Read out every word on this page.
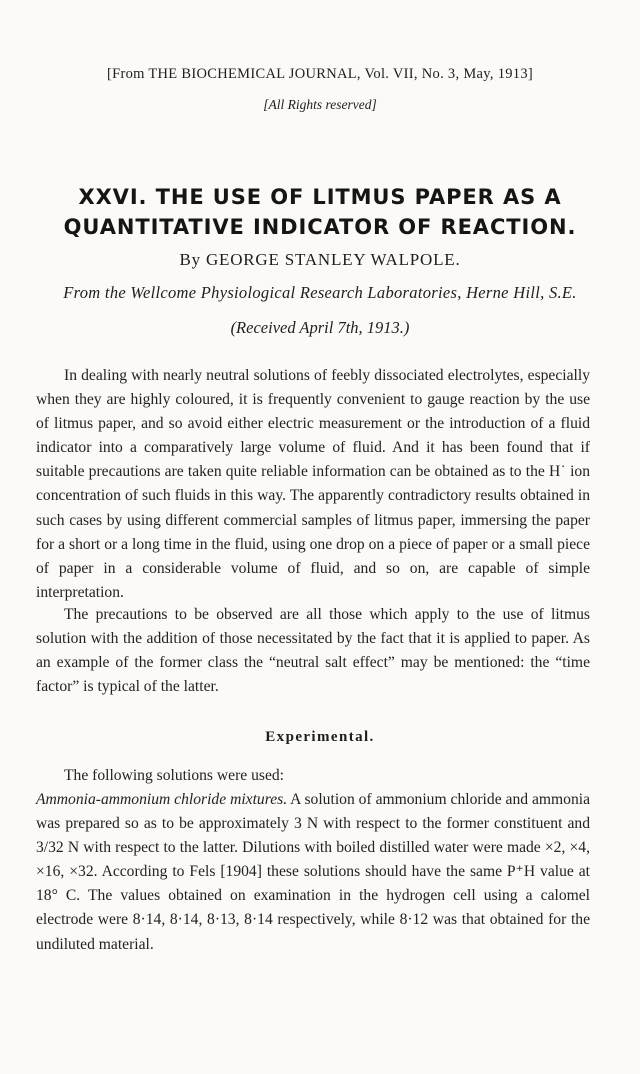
[From THE BIOCHEMICAL JOURNAL, Vol. VII, No. 3, May, 1913]

[All Rights reserved]

XXVI. THE USE OF LITMUS PAPER AS A QUANTITATIVE INDICATOR OF REACTION.

By GEORGE STANLEY WALPOLE.

From the Wellcome Physiological Research Laboratories, Herne Hill, S.E.

(Received April 7th, 1913.)

In dealing with nearly neutral solutions of feebly dissociated electrolytes, especially when they are highly coloured, it is frequently convenient to gauge reaction by the use of litmus paper, and so avoid either electric measurement or the introduction of a fluid indicator into a comparatively large volume of fluid. And it has been found that if suitable precautions are taken quite reliable information can be obtained as to the H˙ ion concentration of such fluids in this way. The apparently contradictory results obtained in such cases by using different commercial samples of litmus paper, immersing the paper for a short or a long time in the fluid, using one drop on a piece of paper or a small piece of paper in a considerable volume of fluid, and so on, are capable of simple interpretation.

The precautions to be observed are all those which apply to the use of litmus solution with the addition of those necessitated by the fact that it is applied to paper. As an example of the former class the “neutral salt effect” may be mentioned: the “time factor” is typical of the latter.

Experimental.

The following solutions were used:

Ammonia-ammonium chloride mixtures. A solution of ammonium chloride and ammonia was prepared so as to be approximately 3 N with respect to the former constituent and 3/32 N with respect to the latter. Dilutions with boiled distilled water were made ×2, ×4, ×16, ×32. According to Fels [1904] these solutions should have the same P⁺H value at 18° C. The values obtained on examination in the hydrogen cell using a calomel electrode were 8·14, 8·14, 8·13, 8·14 respectively, while 8·12 was that obtained for the undiluted material.
